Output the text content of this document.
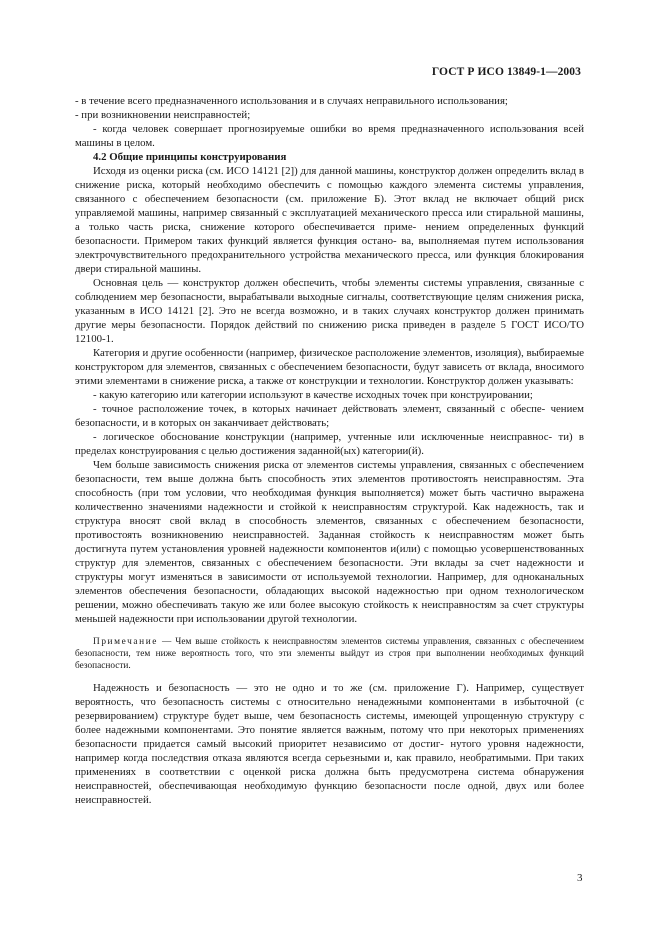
ГОСТ Р ИСО 13849-1—2003

- в течение всего предназначенного использования и в случаях неправильного использования;

- при возникновении неисправностей;

- когда человек совершает прогнозируемые ошибки во время предназначенного использования всей машины в целом.

4.2 Общие принципы конструирования

Исходя из оценки риска (см. ИСО 14121 [2]) для данной машины, конструктор должен определить вклад в снижение риска, который необходимо обеспечить с помощью каждого элемента системы управления, связанного с обеспечением безопасности (см. приложение Б). Этот вклад не включает общий риск управляемой машины, например связанный с эксплуатацией механического пресса или стиральной машины, а только часть риска, снижение которого обеспечивается приме- нением определенных функций безопасности. Примером таких функций является функция остано- ва, выполняемая путем использования электрочувствительного предохранительного устройства механического пресса, или функция блокирования двери стиральной машины.

Основная цель — конструктор должен обеспечить, чтобы элементы системы управления, связанные с соблюдением мер безопасности, вырабатывали выходные сигналы, соответствующие целям снижения риска, указанным в ИСО 14121 [2]. Это не всегда возможно, и в таких случаях конструктор должен принимать другие меры безопасности. Порядок действий по снижению риска приведен в разделе 5 ГОСТ ИСО/ТО 12100-1.

Категория и другие особенности (например, физическое расположение элементов, изоляция), выбираемые конструктором для элементов, связанных с обеспечением безопасности, будут зависеть от вклада, вносимого этими элементами в снижение риска, а также от конструкции и технологии. Конструктор должен указывать:

- какую категорию или категории используют в качестве исходных точек при конструировании;

- точное расположение точек, в которых начинает действовать элемент, связанный с обеспе- чением безопасности, и в которых он заканчивает действовать;

- логическое обоснование конструкции (например, учтенные или исключенные неисправнос- ти) в пределах конструирования с целью достижения заданной(ых) категории(й).

Чем больше зависимость снижения риска от элементов системы управления, связанных с обеспечением безопасности, тем выше должна быть способность этих элементов противостоять неисправностям. Эта способность (при том условии, что необходимая функция выполняется) может быть частично выражена количественно значениями надежности и стойкой к неисправностям структурой. Как надежность, так и структура вносят свой вклад в способность элементов, связанных с обеспечением безопасности, противостоять возникновению неисправностей. Заданная стойкость к неисправностям может быть достигнута путем установления уровней надежности компонентов и(или) с помощью усовершенствованных структур для элементов, связанных с обеспечением безопасности. Эти вклады за счет надежности и структуры могут изменяться в зависимости от используемой технологии. Например, для одноканальных элементов обеспечения безопасности, обладающих высокой надежностью при одном технологическом решении, можно обеспечивать такую же или более высокую стойкость к неисправностям за счет структуры меньшей надежности при использовании другой технологии.

Примечание — Чем выше стойкость к неисправностям элементов системы управления, связанных с обеспечением безопасности, тем ниже вероятность того, что эти элементы выйдут из строя при выполнении необходимых функций безопасности.

Надежность и безопасность — это не одно и то же (см. приложение Г). Например, существует вероятность, что безопасность системы с относительно ненадежными компонентами в избыточной (с резервированием) структуре будет выше, чем безопасность системы, имеющей упрощенную структуру с более надежными компонентами. Это понятие является важным, потому что при некоторых применениях безопасности придается самый высокий приоритет независимо от достиг- нутого уровня надежности, например когда последствия отказа являются всегда серьезными и, как правило, необратимыми. При таких применениях в соответствии с оценкой риска должна быть предусмотрена система обнаружения неисправностей, обеспечивающая необходимую функцию безопасности после одной, двух или более неисправностей.

3
